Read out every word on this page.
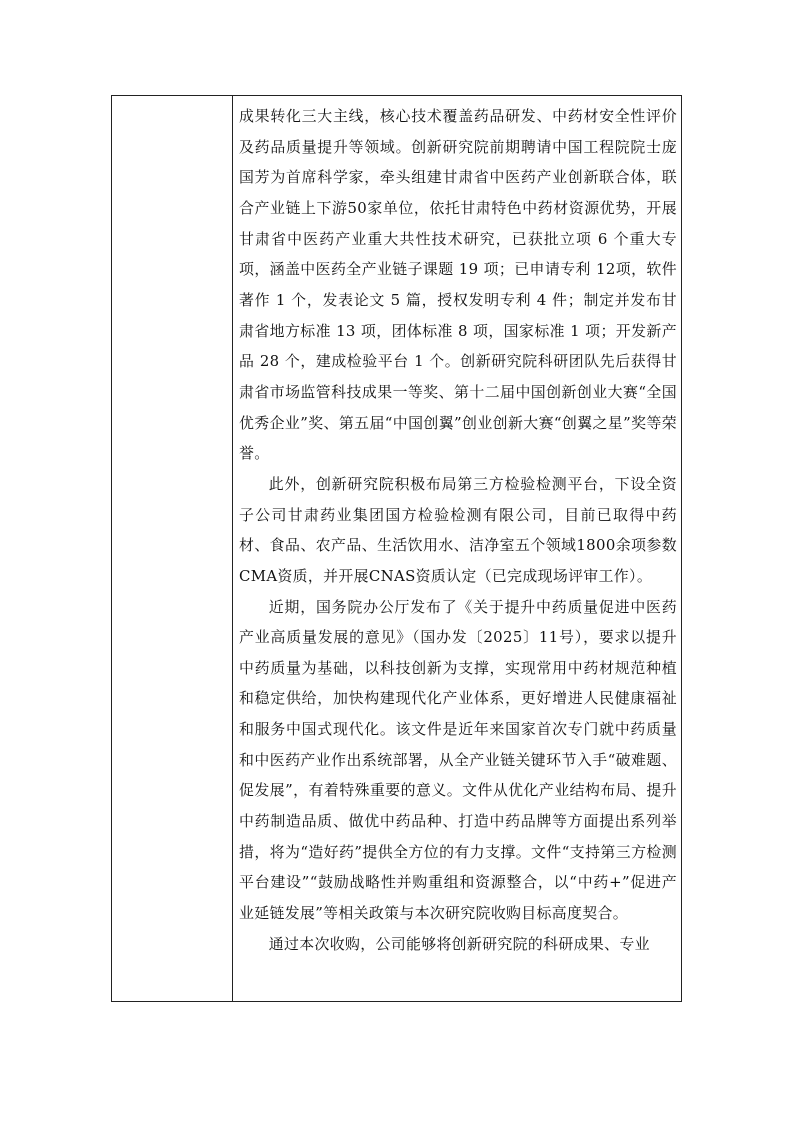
成果转化三大主线，核心技术覆盖药品研发、中药材安全性评价及药品质量提升等领域。创新研究院前期聘请中国工程院院士庞国芳为首席科学家，牵头组建甘肃省中医药产业创新联合体，联合产业链上下游50家单位，依托甘肃特色中药材资源优势，开展甘肃省中医药产业重大共性技术研究，已获批立项 6 个重大专项，涵盖中医药全产业链子课题 19 项；已申请专利 12项，软件著作 1 个，发表论文 5 篇，授权发明专利 4 件；制定并发布甘肃省地方标准 13 项，团体标准 8 项，国家标准 1 项；开发新产品 28 个，建成检验平台 1 个。创新研究院科研团队先后获得甘肃省市场监管科技成果一等奖、第十二届中国创新创业大赛“全国优秀企业”奖、第五届“中国创翼”创业创新大赛“创翼之星”奖等荣誉。

此外，创新研究院积极布局第三方检验检测平台，下设全资子公司甘肃药业集团国方检验检测有限公司，目前已取得中药材、食品、农产品、生活饮用水、洁净室五个领域1800余项参数CMA资质，并开展CNAS资质认定（已完成现场评审工作）。

近期，国务院办公厅发布了《关于提升中药质量促进中医药产业高质量发展的意见》（国办发〔2025〕11号），要求以提升中药质量为基础，以科技创新为支撑，实现常用中药材规范种植和稳定供给，加快构建现代化产业体系，更好增进人民健康福祉和服务中国式现代化。该文件是近年来国家首次专门就中药质量和中医药产业作出系统部署，从全产业链关键环节入手“破难题、促发展”，有着特殊重要的意义。文件从优化产业结构布局、提升中药制造品质、做优中药品种、打造中药品牌等方面提出系列举措，将为“造好药”提供全方位的有力支撑。文件“支持第三方检测平台建设”“鼓励战略性并购重组和资源整合，以“中药+”促进产业延链发展”等相关政策与本次研究院收购目标高度契合。

通过本次收购，公司能够将创新研究院的科研成果、专业
